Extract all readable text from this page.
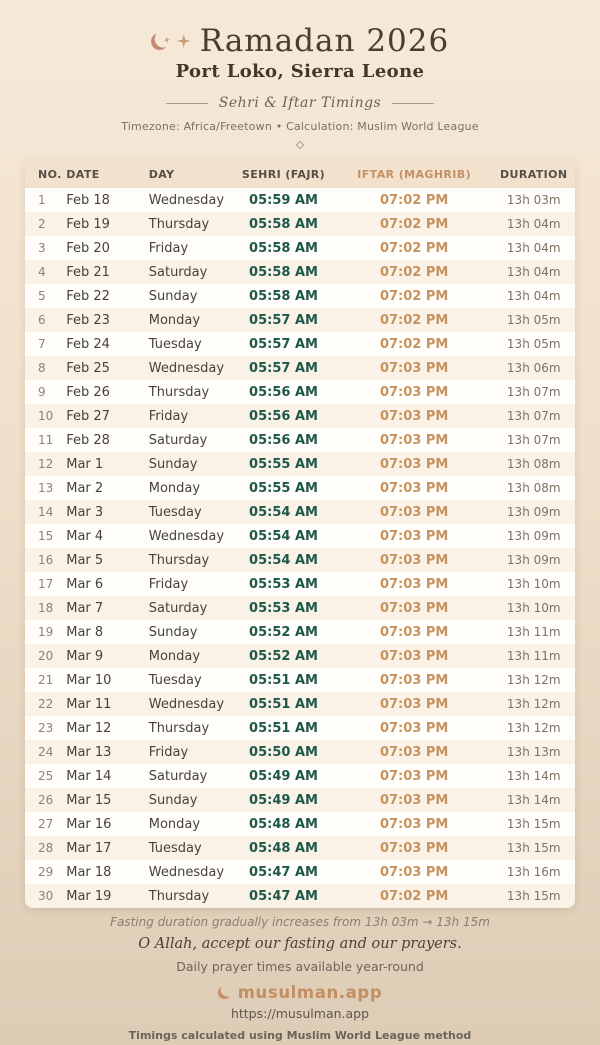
Ramadan 2026
Port Loko, Sierra Leone
Sehri & Iftar Timings
Timezone: Africa/Freetown • Calculation: Muslim World League
NO.	DATE	DAY	SEHRI (FAJR)	IFTAR (MAGHRIB)	DURATION
1	Feb 18	Wednesday	05:59 AM	07:02 PM	13h 03m
2	Feb 19	Thursday	05:58 AM	07:02 PM	13h 04m
3	Feb 20	Friday	05:58 AM	07:02 PM	13h 04m
4	Feb 21	Saturday	05:58 AM	07:02 PM	13h 04m
5	Feb 22	Sunday	05:58 AM	07:02 PM	13h 04m
6	Feb 23	Monday	05:57 AM	07:02 PM	13h 05m
7	Feb 24	Tuesday	05:57 AM	07:02 PM	13h 05m
8	Feb 25	Wednesday	05:57 AM	07:03 PM	13h 06m
9	Feb 26	Thursday	05:56 AM	07:03 PM	13h 07m
10	Feb 27	Friday	05:56 AM	07:03 PM	13h 07m
11	Feb 28	Saturday	05:56 AM	07:03 PM	13h 07m
12	Mar 1	Sunday	05:55 AM	07:03 PM	13h 08m
13	Mar 2	Monday	05:55 AM	07:03 PM	13h 08m
14	Mar 3	Tuesday	05:54 AM	07:03 PM	13h 09m
15	Mar 4	Wednesday	05:54 AM	07:03 PM	13h 09m
16	Mar 5	Thursday	05:54 AM	07:03 PM	13h 09m
17	Mar 6	Friday	05:53 AM	07:03 PM	13h 10m
18	Mar 7	Saturday	05:53 AM	07:03 PM	13h 10m
19	Mar 8	Sunday	05:52 AM	07:03 PM	13h 11m
20	Mar 9	Monday	05:52 AM	07:03 PM	13h 11m
21	Mar 10	Tuesday	05:51 AM	07:03 PM	13h 12m
22	Mar 11	Wednesday	05:51 AM	07:03 PM	13h 12m
23	Mar 12	Thursday	05:51 AM	07:03 PM	13h 12m
24	Mar 13	Friday	05:50 AM	07:03 PM	13h 13m
25	Mar 14	Saturday	05:49 AM	07:03 PM	13h 14m
26	Mar 15	Sunday	05:49 AM	07:03 PM	13h 14m
27	Mar 16	Monday	05:48 AM	07:03 PM	13h 15m
28	Mar 17	Tuesday	05:48 AM	07:03 PM	13h 15m
29	Mar 18	Wednesday	05:47 AM	07:03 PM	13h 16m
30	Mar 19	Thursday	05:47 AM	07:02 PM	13h 15m
Fasting duration gradually increases from 13h 03m → 13h 15m
O Allah, accept our fasting and our prayers.
Daily prayer times available year-round
musulman.app
https://musulman.app
Timings calculated using Muslim World League method
